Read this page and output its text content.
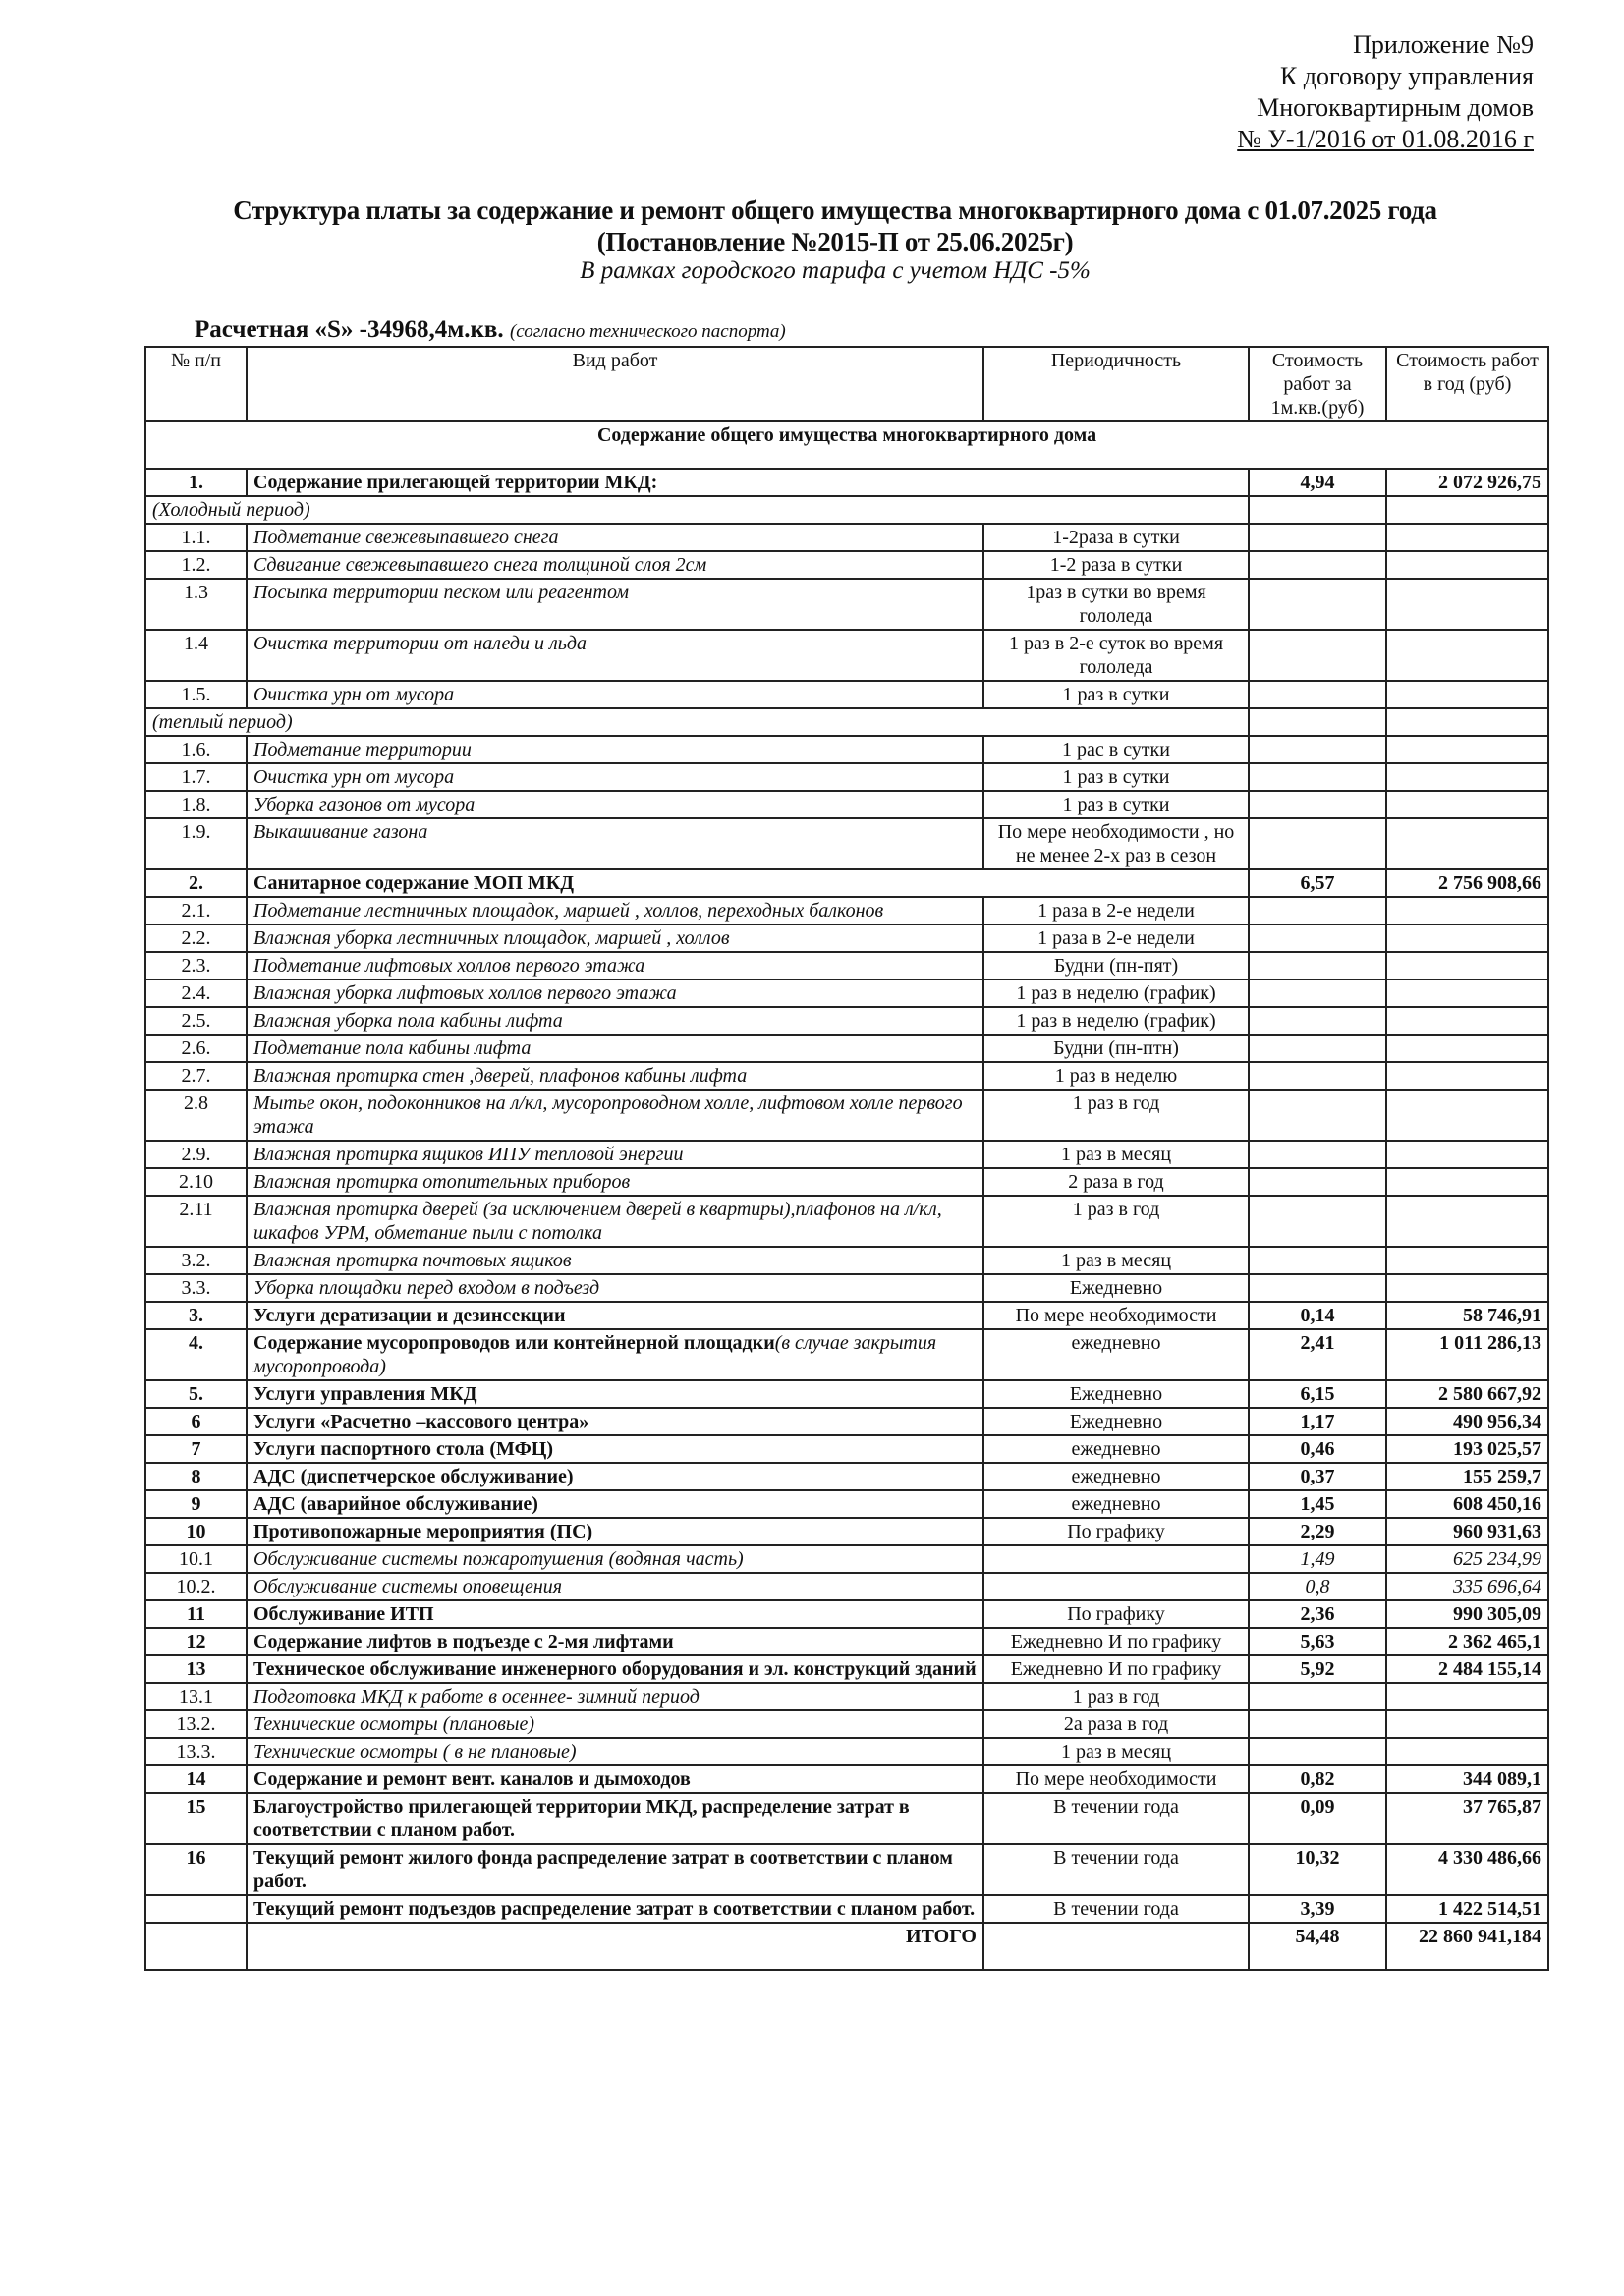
Приложение №9
К договору управления
Многоквартирным домов
№ У-1/2016 от 01.08.2016 г
Структура платы за содержание и ремонт общего имущества многоквартирного дома с 01.07.2025 года
(Постановление №2015-П от 25.06.2025г)
В рамках городского тарифа с учетом НДС -5%
Расчетная «S» -34968,4м.кв. (согласно технического паспорта)
№ п/п	Вид работ	Периодичность	Стоимость работ за 1м.кв.(руб)	Стоимость работ в год (руб)
Содержание общего имущества многоквартирного дома				
1.	Содержание прилегающей территории МКД:		4,94	2 072 926,75
(Холодный период)				
1.1.	Подметание свежевыпавшего снега	1-2раза в сутки		
1.2.	Сдвигание свежевыпавшего снега толщиной слоя 2см	1-2 раза в сутки		
1.3	Посыпка территории песком или реагентом	1раз в сутки во время гололеда		
1.4	Очистка территории от наледи и льда	1 раз в 2-е суток во время гололеда		
1.5.	Очистка урн от мусора	1 раз в сутки		
(теплый период)				
1.6.	Подметание территории	1 рас в сутки		
1.7.	Очистка урн от мусора	1 раз в сутки		
1.8.	Уборка газонов от мусора	1 раз в сутки		
1.9.	Выкашивание газона	По мере необходимости , но не менее 2-х раз в сезон		
2.	Санитарное содержание МОП МКД		6,57	2 756 908,66
2.1.	Подметание лестничных площадок, маршей , холлов, переходных балконов	1 раза в 2-е недели		
2.2.	Влажная уборка лестничных площадок, маршей , холлов	1 раза в 2-е недели		
2.3.	Подметание лифтовых холлов первого этажа	Будни (пн-пят)		
2.4.	Влажная уборка лифтовых холлов первого этажа	1 раз в неделю (график)		
2.5.	Влажная уборка пола кабины лифта	1 раз в неделю (график)		
2.6.	Подметание пола кабины лифта	Будни (пн-птн)		
2.7.	Влажная протирка стен ,дверей, плафонов кабины лифта	1 раз в неделю		
2.8	Мытье окон, подоконников на л/кл, мусоропроводном холле, лифтовом холле первого этажа	1 раз в год		
2.9.	Влажная протирка ящиков ИПУ тепловой энергии	1 раз в месяц		
2.10	Влажная протирка отопительных приборов	2 раза в год		
2.11	Влажная протирка дверей (за исключением дверей в квартиры),плафонов на л/кл, шкафов УРМ, обметание пыли с потолка	1 раз в год		
3.2.	Влажная протирка почтовых ящиков	1 раз в месяц		
3.3.	Уборка площадки перед входом в подъезд	Ежедневно		
3.	Услуги дератизации и дезинсекции	По мере необходимости	0,14	58 746,91
4.	Содержание мусоропроводов или контейнерной площадки(в случае закрытия мусоропровода)	ежедневно	2,41	1 011 286,13
5.	Услуги управления МКД	Ежедневно	6,15	2 580 667,92
6	Услуги «Расчетно –кассового центра»	Ежедневно	1,17	490 956,34
7	Услуги паспортного стола (МФЦ)	ежедневно	0,46	193 025,57
8	АДС (диспетчерское обслуживание)	ежедневно	0,37	155 259,7
9	АДС (аварийное обслуживание)	ежедневно	1,45	608 450,16
10	Противопожарные мероприятия (ПС)	По графику	2,29	960 931,63
10.1	Обслуживание системы пожаротушения (водяная часть)		1,49	625 234,99
10.2.	Обслуживание системы оповещения		0,8	335 696,64
11	Обслуживание ИТП	По графику	2,36	990 305,09
12	Содержание лифтов в подъезде с 2-мя лифтами	Ежедневно И по графику	5,63	2 362 465,1
13	Техническое обслуживание инженерного оборудования и эл. конструкций зданий	Ежедневно И по графику	5,92	2 484 155,14
13.1	Подготовка МКД к работе в осеннее- зимний период	1 раз в год		
13.2.	Технические осмотры (плановые)	2а раза в год		
13.3.	Технические осмотры ( в не плановые)	1 раз в месяц		
14	Содержание и ремонт вент. каналов и дымоходов	По мере необходимости	0,82	344 089,1
15	Благоустройство прилегающей территории МКД, распределение затрат в соответствии с планом работ.	В течении года	0,09	37 765,87
16	Текущий ремонт жилого фонда распределение затрат в соответствии с планом работ.	В течении года	10,32	4 330 486,66
	Текущий ремонт подъездов распределение затрат в соответствии с планом работ.	В течении года	3,39	1 422 514,51
	ИТОГО		54,48	22 860 941,184
